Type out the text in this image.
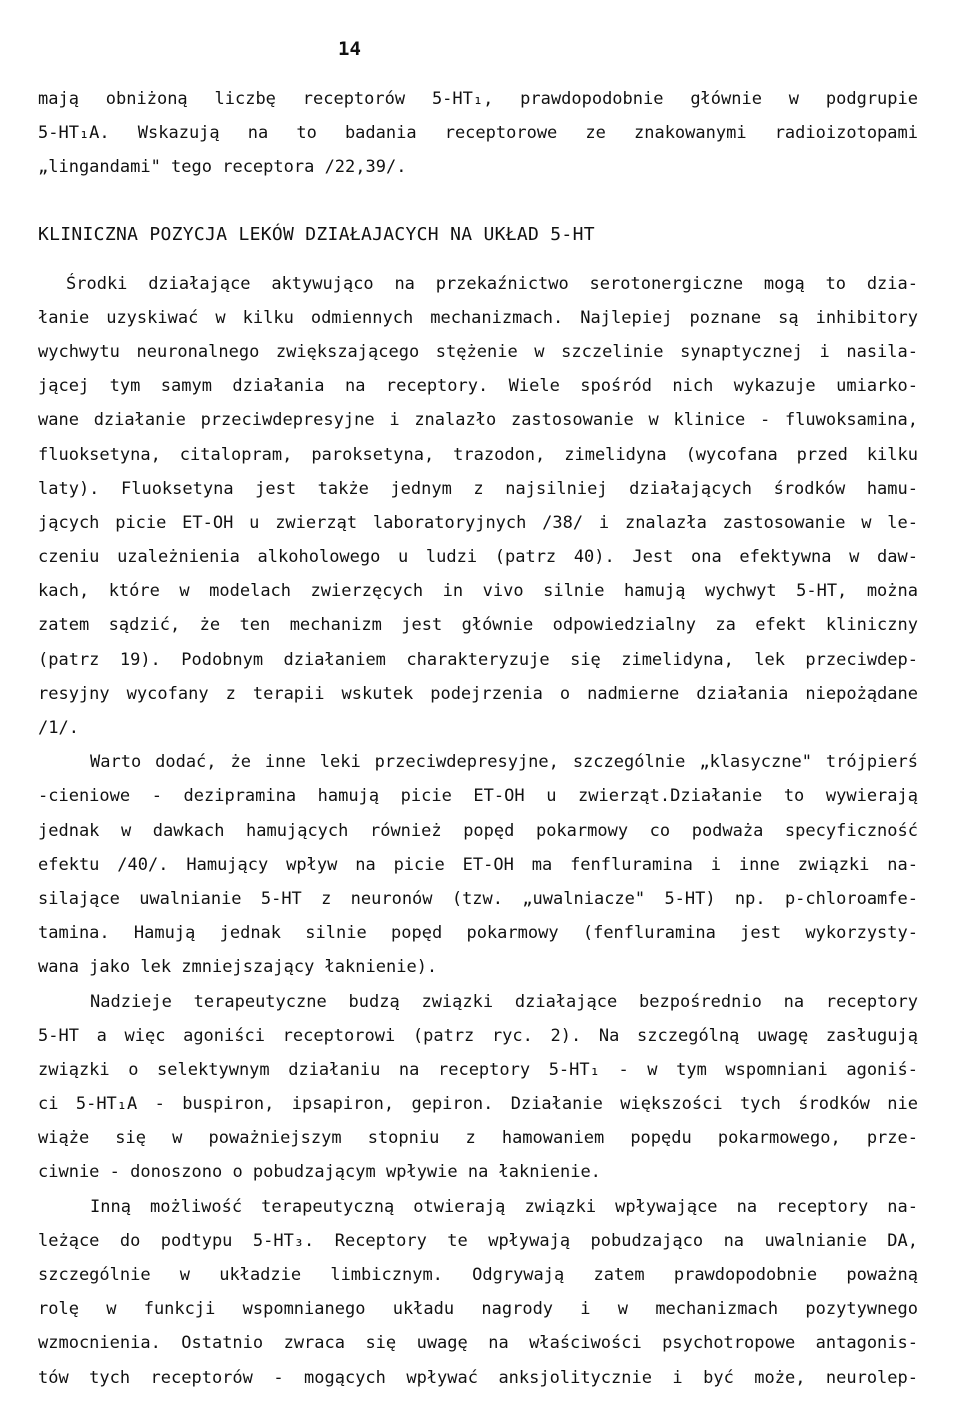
14
mają obniżoną liczbę receptorów 5-HT₁, prawdopodobnie głównie w podgrupie
5-HT₁A. Wskazują na to badania receptorowe ze znakowanymi radioizotopami
„lingandami" tego receptora /22,39/.
KLINICZNA POZYCJA LEKÓW DZIAŁAJACYCH NA UKŁAD 5-HT
Środki działające aktywująco na przekaźnictwo serotonergiczne mogą to dzia-
łanie uzyskiwać w kilku odmiennych mechanizmach. Najlepiej poznane są inhibitory
wychwytu neuronalnego zwiększającego stężenie w szczelinie synaptycznej i nasila-
jącej tym samym działania na receptory. Wiele spośród nich wykazuje umiarko-
wane działanie przeciwdepresyjne i znalazło zastosowanie w klinice - fluwoksamina,
fluoksetyna, citalopram, paroksetyna, trazodon, zimelidyna (wycofana przed kilku
laty). Fluoksetyna jest także jednym z najsilniej działających środków hamu-
jących picie ET-OH u zwierząt laboratoryjnych /38/ i znalazła zastosowanie w le-
czeniu uzależnienia alkoholowego u ludzi (patrz 40). Jest ona efektywna w daw-
kach, które w modelach zwierzęcych in vivo silnie hamują wychwyt 5-HT, można
zatem sądzić, że ten mechanizm jest głównie odpowiedzialny za efekt kliniczny
(patrz 19). Podobnym działaniem charakteryzuje się zimelidyna, lek przeciwdep-
resyjny wycofany z terapii wskutek podejrzenia o nadmierne działania niepożądane
/1/.
Warto dodać, że inne leki przeciwdepresyjne, szczególnie „klasyczne" trójpierś
-cieniowe - dezipramina hamują picie ET-OH u zwierząt.Działanie to wywierają
jednak w dawkach hamujących również popęd pokarmowy co podważa specyficzność
efektu /40/. Hamujący wpływ na picie ET-OH ma fenfluramina i inne związki na-
silające uwalnianie 5-HT z neuronów (tzw. „uwalniacze" 5-HT) np. p-chloroamfe-
tamina. Hamują jednak silnie popęd pokarmowy (fenfluramina jest wykorzysty-
wana jako lek zmniejszający łaknienie).
Nadzieje terapeutyczne budzą związki działające bezpośrednio na receptory
5-HT a więc agoniści receptorowi (patrz ryc. 2). Na szczególną uwagę zasługują
związki o selektywnym działaniu na receptory 5-HT₁ - w tym wspomniani agoniś-
ci 5-HT₁A - buspiron, ipsapiron, gepiron. Działanie większości tych środków nie
wiąże się w poważniejszym stopniu z hamowaniem popędu pokarmowego, prze-
ciwnie - donoszono o pobudzającym wpływie na łaknienie.
Inną możliwość terapeutyczną otwierają związki wpływające na receptory na-
leżące do podtypu 5-HT₃. Receptory te wpływają pobudzająco na uwalnianie DA,
szczególnie w układzie limbicznym. Odgrywają zatem prawdopodobnie poważną
rolę w funkcji wspomnianego układu nagrody i w mechanizmach pozytywnego
wzmocnienia. Ostatnio zwraca się uwagę na właściwości psychotropowe antagonis-
tów tych receptorów - mogących wpływać anksjolitycznie i być może, neurolep-
